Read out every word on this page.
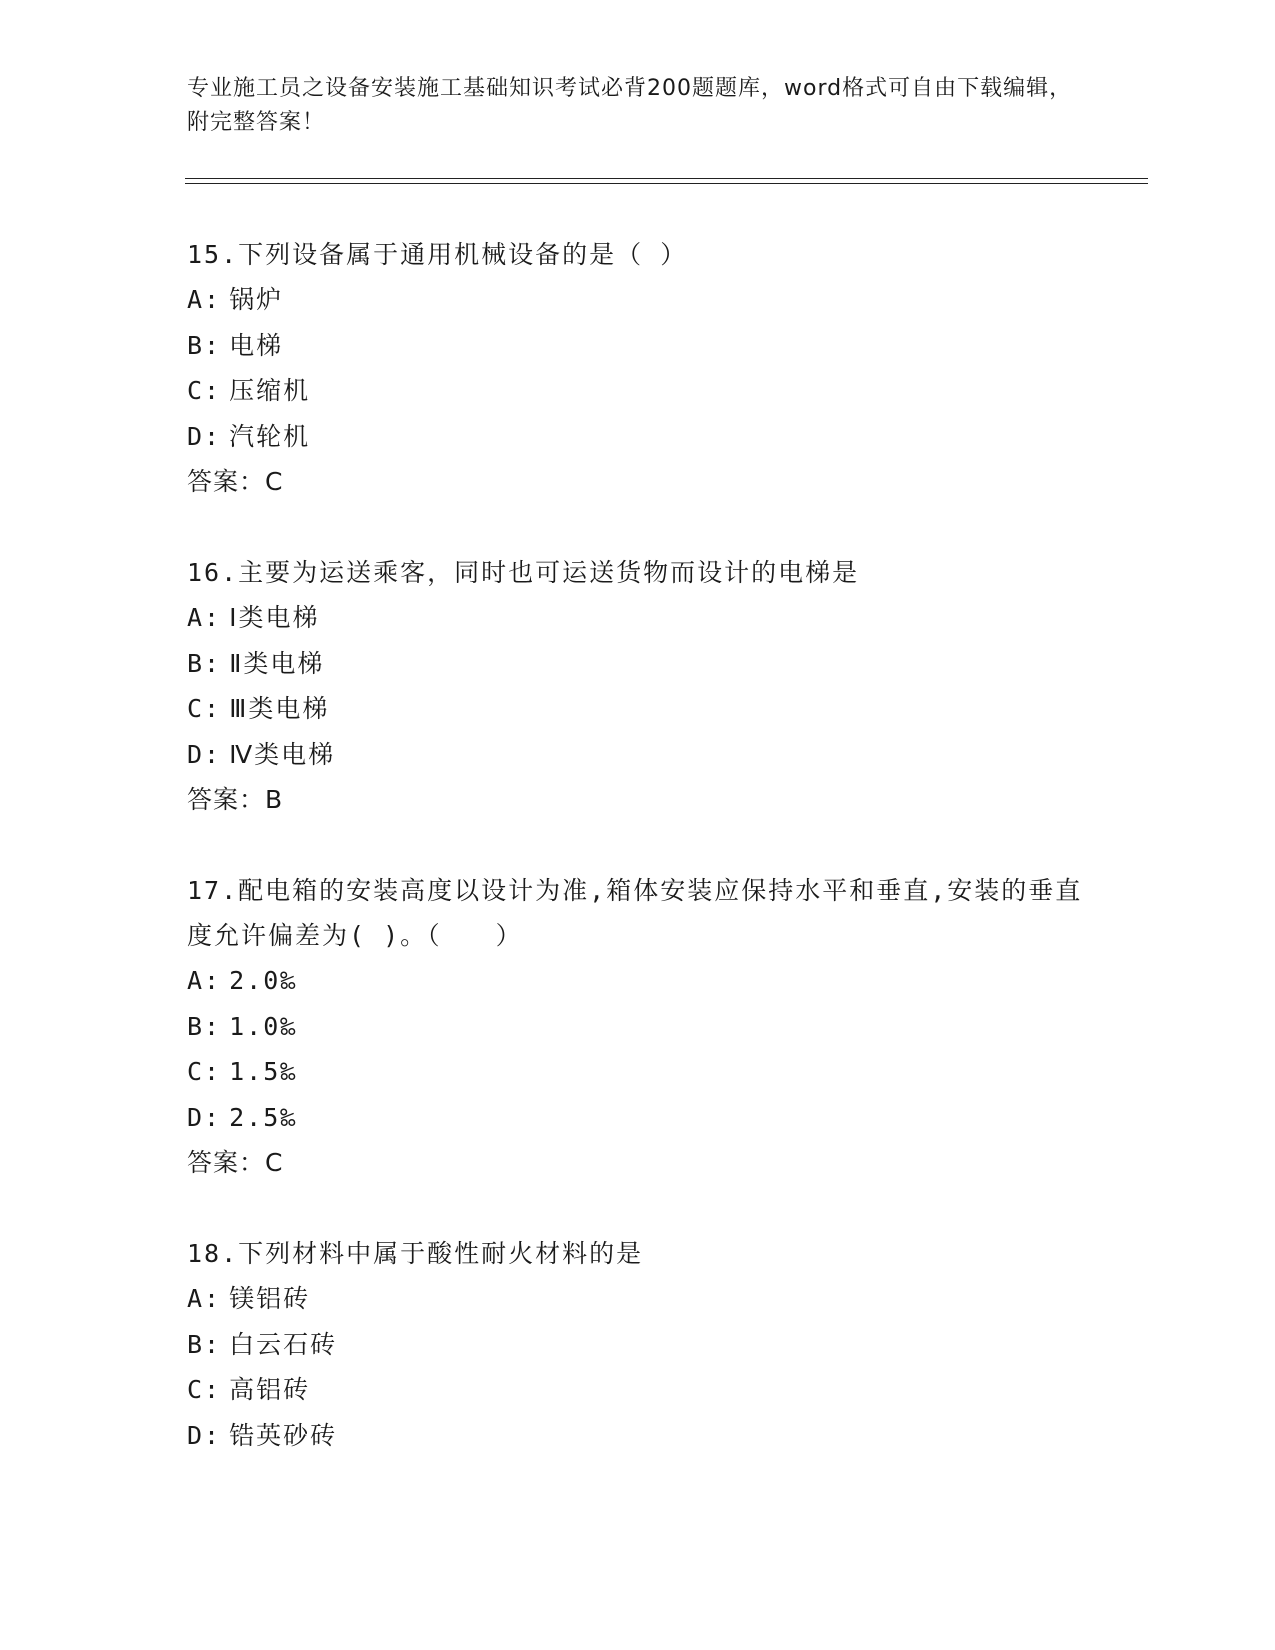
专业施工员之设备安装施工基础知识考试必背200题题库，word格式可自由下载编辑，附完整答案！
15.下列设备属于通用机械设备的是（ ）
A: 锅炉
B: 电梯
C: 压缩机
D: 汽轮机
答案：C
16.主要为运送乘客，同时也可运送货物而设计的电梯是
A: Ⅰ类电梯
B: Ⅱ类电梯
C: Ⅲ类电梯
D: Ⅳ类电梯
答案：B
17.配电箱的安装高度以设计为准,箱体安装应保持水平和垂直,安装的垂直度允许偏差为( )。（　　）
A: 2.0‰
B: 1.0‰
C: 1.5‰
D: 2.5‰
答案：C
18.下列材料中属于酸性耐火材料的是
A: 镁铝砖
B: 白云石砖
C: 高铝砖
D: 锆英砂砖
